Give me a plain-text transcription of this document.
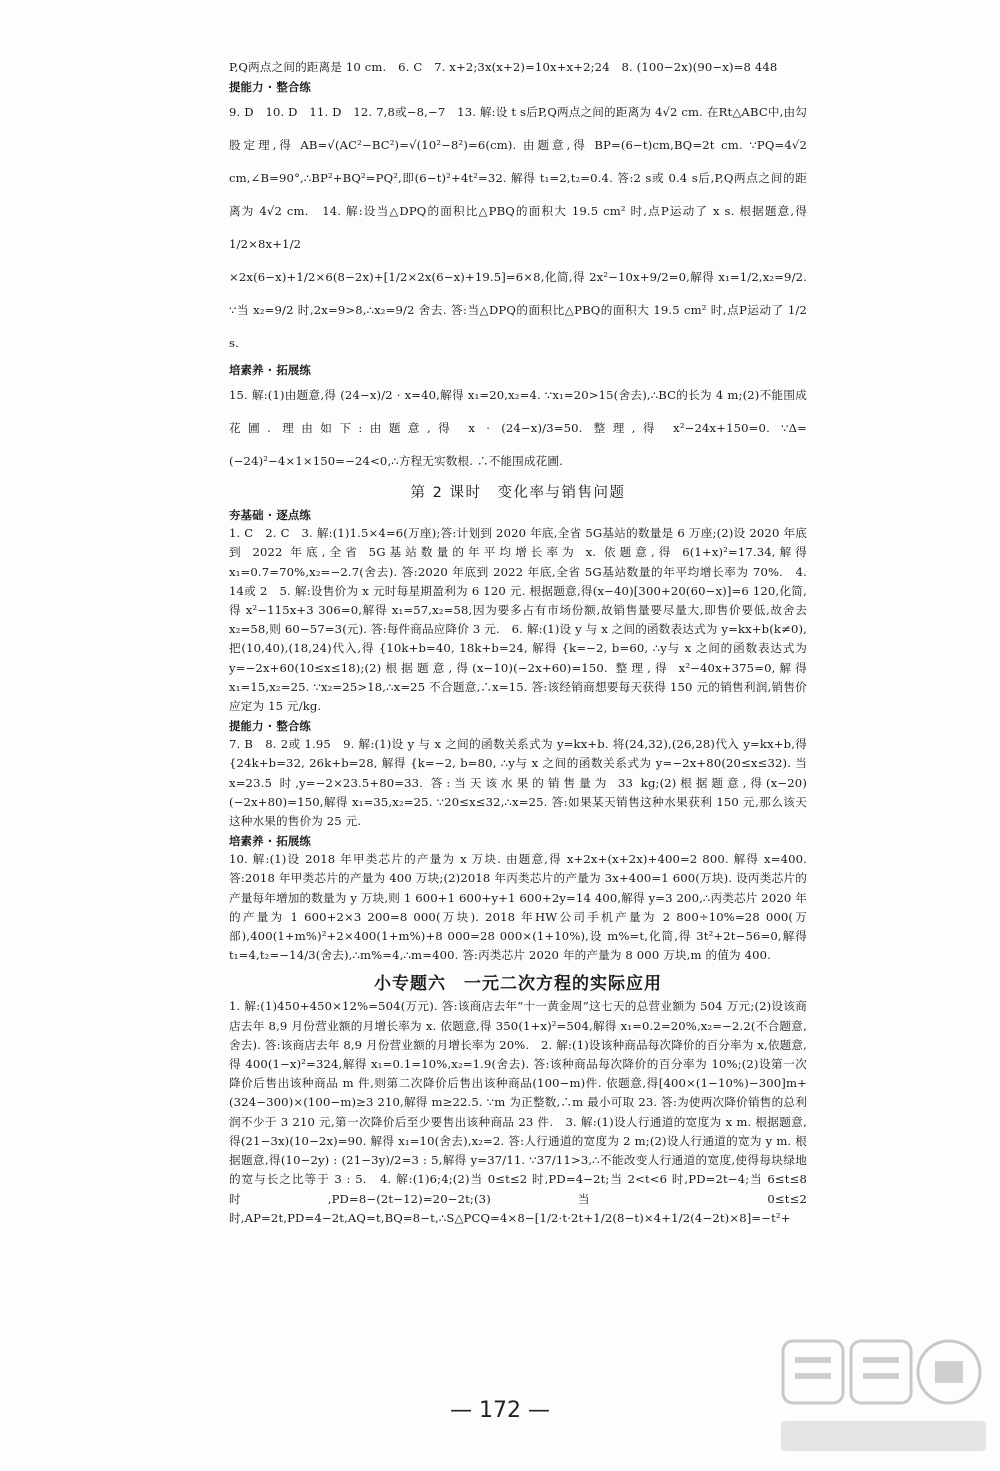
P,Q两点之间的距离是 10 cm.　6. C　7. x+2;3x(x+2)=10x+x+2;24　8. (100−2x)(90−x)=8 448

提能力 · 整合练

9. D　10. D　11. D　12. 7,8或−8,−7　13. 解:设 t s后P,Q两点之间的距离为 4√2 cm. 在Rt△ABC中,由勾股定理,得 AB=√(AC²−BC²)=√(10²−8²)=6(cm). 由题意,得 BP=(6−t)cm,BQ=2t cm. ∵PQ=4√2 cm,∠B=90°,∴BP²+BQ²=PQ²,即(6−t)²+4t²=32. 解得 t₁=2,t₂=0.4. 答:2 s或 0.4 s后,P,Q两点之间的距离为 4√2 cm.　14. 解:设当△DPQ的面积比△PBQ的面积大 19.5 cm² 时,点P运动了 x s. 根据题意,得 1/2×8x+1/2

×2x(6−x)+1/2×6(8−2x)+[1/2×2x(6−x)+19.5]=6×8,化简,得 2x²−10x+9/2=0,解得 x₁=1/2,x₂=9/2. ∵当 x₂=9/2 时,2x=9>8,∴x₂=9/2 舍去. 答:当△DPQ的面积比△PBQ的面积大 19.5 cm² 时,点P运动了 1/2 s.

培素养 · 拓展练

15. 解:(1)由题意,得 (24−x)/2 · x=40,解得 x₁=20,x₂=4. ∵x₁=20>15(舍去),∴BC的长为 4 m;(2)不能围成花圃. 理由如下:由题意,得 x · (24−x)/3=50. 整理,得 x²−24x+150=0. ∵Δ=(−24)²−4×1×150=−24<0,∴方程无实数根. ∴不能围成花圃.

第 2 课时　变化率与销售问题
夯基础 · 逐点练

1. C　2. C　3. 解:(1)1.5×4=6(万座);答:计划到 2020 年底,全省 5G基站的数量是 6 万座;(2)设 2020 年底到 2022 年底,全省 5G基站数量的年平均增长率为 x. 依题意,得 6(1+x)²=17.34,解得 x₁=0.7=70%,x₂=−2.7(舍去). 答:2020 年底到 2022 年底,全省 5G基站数量的年平均增长率为 70%.　4. 14或 2　5. 解:设售价为 x 元时每星期盈利为 6 120 元. 根据题意,得(x−40)[300+20(60−x)]=6 120,化简,得 x²−115x+3 306=0,解得 x₁=57,x₂=58,因为要多占有市场份额,故销售量要尽量大,即售价要低,故舍去 x₂=58,则 60−57=3(元). 答:每件商品应降价 3 元.　6. 解:(1)设 y 与 x 之间的函数表达式为 y=kx+b(k≠0),把(10,40),(18,24)代入,得 {10k+b=40, 18k+b=24, 解得 {k=−2, b=60, ∴y与 x 之间的函数表达式为 y=−2x+60(10≤x≤18);(2)根据题意,得(x−10)(−2x+60)=150. 整理,得 x²−40x+375=0,解得 x₁=15,x₂=25. ∵x₂=25>18,∴x=25 不合题意,∴x=15. 答:该经销商想要每天获得 150 元的销售利润,销售价应定为 15 元/kg.

提能力 · 整合练

7. B　8. 2或 1.95　9. 解:(1)设 y 与 x 之间的函数关系式为 y=kx+b. 将(24,32),(26,28)代入 y=kx+b,得 {24k+b=32, 26k+b=28, 解得 {k=−2, b=80, ∴y与 x 之间的函数关系式为 y=−2x+80(20≤x≤32). 当 x=23.5 时,y=−2×23.5+80=33. 答:当天该水果的销售量为 33 kg;(2)根据题意,得(x−20)(−2x+80)=150,解得 x₁=35,x₂=25. ∵20≤x≤32,∴x=25. 答:如果某天销售这种水果获利 150 元,那么该天这种水果的售价为 25 元.

培素养 · 拓展练

10. 解:(1)设 2018 年甲类芯片的产量为 x 万块. 由题意,得 x+2x+(x+2x)+400=2 800. 解得 x=400. 答:2018 年甲类芯片的产量为 400 万块;(2)2018 年丙类芯片的产量为 3x+400=1 600(万块). 设丙类芯片的产量每年增加的数量为 y 万块,则 1 600+1 600+y+1 600+2y=14 400,解得 y=3 200,∴丙类芯片 2020 年的产量为 1 600+2×3 200=8 000(万块). 2018 年HW公司手机产量为 2 800÷10%=28 000(万部),400(1+m%)²+2×400(1+m%)+8 000=28 000×(1+10%),设 m%=t,化简,得 3t²+2t−56=0,解得 t₁=4,t₂=−14/3(舍去),∴m%=4,∴m=400. 答:丙类芯片 2020 年的产量为 8 000 万块,m 的值为 400.

小专题六　一元二次方程的实际应用

1. 解:(1)450+450×12%=504(万元). 答:该商店去年“十一黄金周”这七天的总营业额为 504 万元;(2)设该商店去年 8,9 月份营业额的月增长率为 x. 依题意,得 350(1+x)²=504,解得 x₁=0.2=20%,x₂=−2.2(不合题意,舍去). 答:该商店去年 8,9 月份营业额的月增长率为 20%.　2. 解:(1)设该种商品每次降价的百分率为 x,依题意,得 400(1−x)²=324,解得 x₁=0.1=10%,x₂=1.9(舍去). 答:该种商品每次降价的百分率为 10%;(2)设第一次降价后售出该种商品 m 件,则第二次降价后售出该种商品(100−m)件. 依题意,得[400×(1−10%)−300]m+(324−300)×(100−m)≥3 210,解得 m≥22.5. ∵m 为正整数,∴m 最小可取 23. 答:为使两次降价销售的总利润不少于 3 210 元,第一次降价后至少要售出该种商品 23 件.　3. 解:(1)设人行通道的宽度为 x m. 根据题意,得(21−3x)(10−2x)=90. 解得 x₁=10(舍去),x₂=2. 答:人行通道的宽度为 2 m;(2)设人行通道的宽为 y m. 根据题意,得(10−2y) : (21−3y)/2=3 : 5,解得 y=37/11. ∵37/11>3,∴不能改变人行通道的宽度,使得每块绿地的宽与长之比等于 3 : 5.　4. 解:(1)6;4;(2)当 0≤t≤2 时,PD=4−2t;当 2<t<6 时,PD=2t−4;当 6≤t≤8 时,PD=8−(2t−12)=20−2t;(3)当 0≤t≤2 时,AP=2t,PD=4−2t,AQ=t,BQ=8−t,∴S△PCQ=4×8−[1/2·t·2t+1/2(8−t)×4+1/2(4−2t)×8]=−t²+

— 172 —
